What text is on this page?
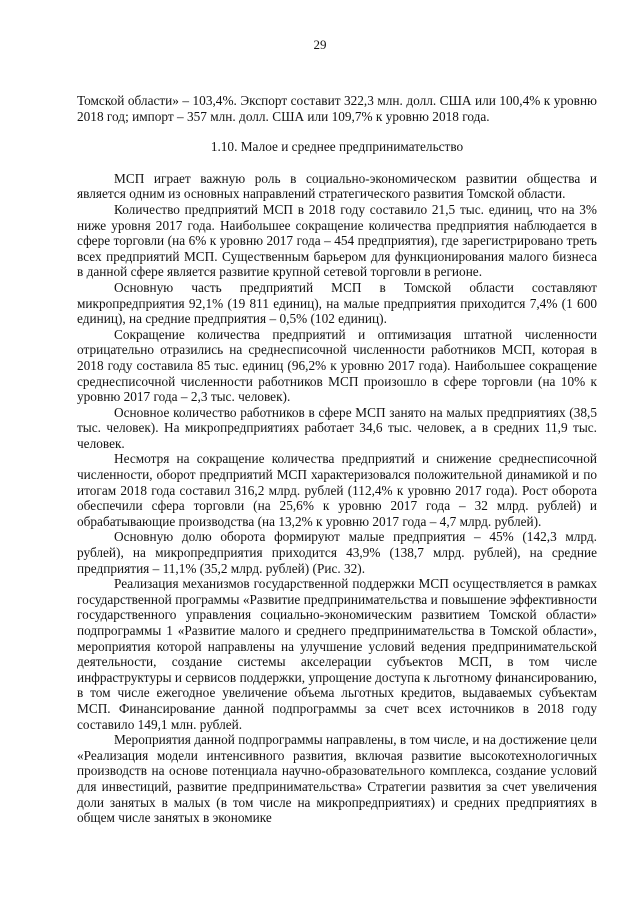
29

Томской области» – 103,4%. Экспорт составит 322,3 млн. долл. США или 100,4% к уровню 2018 год; импорт – 357 млн. долл. США или 109,7% к уровню 2018 года.

1.10. Малое и среднее предпринимательство

МСП играет важную роль в социально-экономическом развитии общества и является одним из основных направлений стратегического развития Томской области.

Количество предприятий МСП в 2018 году составило 21,5 тыс. единиц, что на 3% ниже уровня 2017 года. Наибольшее сокращение количества предприятия наблюдается в сфере торговли (на 6% к уровню 2017 года – 454 предприятия), где зарегистрировано треть всех предприятий МСП. Существенным барьером для функционирования малого бизнеса в данной сфере является развитие крупной сетевой торговли в регионе.

Основную часть предприятий МСП в Томской области составляют микропредприятия 92,1% (19 811 единиц), на малые предприятия приходится 7,4% (1 600 единиц), на средние предприятия – 0,5% (102 единиц).

Сокращение количества предприятий и оптимизация штатной численности отрицательно отразились на среднесписочной численности работников МСП, которая в 2018 году составила 85 тыс. единиц (96,2% к уровню 2017 года). Наибольшее сокращение среднесписочной численности работников МСП произошло в сфере торговли (на 10% к уровню 2017 года – 2,3 тыс. человек).

Основное количество работников в сфере МСП занято на малых предприятиях (38,5 тыс. человек). На микропредприятиях работает 34,6 тыс. человек, а в средних 11,9 тыс. человек.

Несмотря на сокращение количества предприятий и снижение среднесписочной численности, оборот предприятий МСП характеризовался положительной динамикой и по итогам 2018 года составил 316,2 млрд. рублей (112,4% к уровню 2017 года). Рост оборота обеспечили сфера торговли (на 25,6% к уровню 2017 года – 32 млрд. рублей) и обрабатывающие производства (на 13,2% к уровню 2017 года – 4,7 млрд. рублей).

Основную долю оборота формируют малые предприятия – 45% (142,3 млрд. рублей), на микропредприятия приходится 43,9% (138,7 млрд. рублей), на средние предприятия – 11,1% (35,2 млрд. рублей) (Рис. 32).

Реализация механизмов государственной поддержки МСП осуществляется в рамках государственной программы «Развитие предпринимательства и повышение эффективности государственного управления социально-экономическим развитием Томской области» подпрограммы 1 «Развитие малого и среднего предпринимательства в Томской области», мероприятия которой направлены на улучшение условий ведения предпринимательской деятельности, создание системы акселерации субъектов МСП, в том числе инфраструктуры и сервисов поддержки, упрощение доступа к льготному финансированию, в том числе ежегодное увеличение объема льготных кредитов, выдаваемых субъектам МСП. Финансирование данной подпрограммы за счет всех источников в 2018 году составило 149,1 млн. рублей.

Мероприятия данной подпрограммы направлены, в том числе, и на достижение цели «Реализация модели интенсивного развития, включая развитие высокотехнологичных производств на основе потенциала научно-образовательного комплекса, создание условий для инвестиций, развитие предпринимательства» Стратегии развития за счет увеличения доли занятых в малых (в том числе на микропредприятиях) и средних предприятиях в общем числе занятых в экономике
